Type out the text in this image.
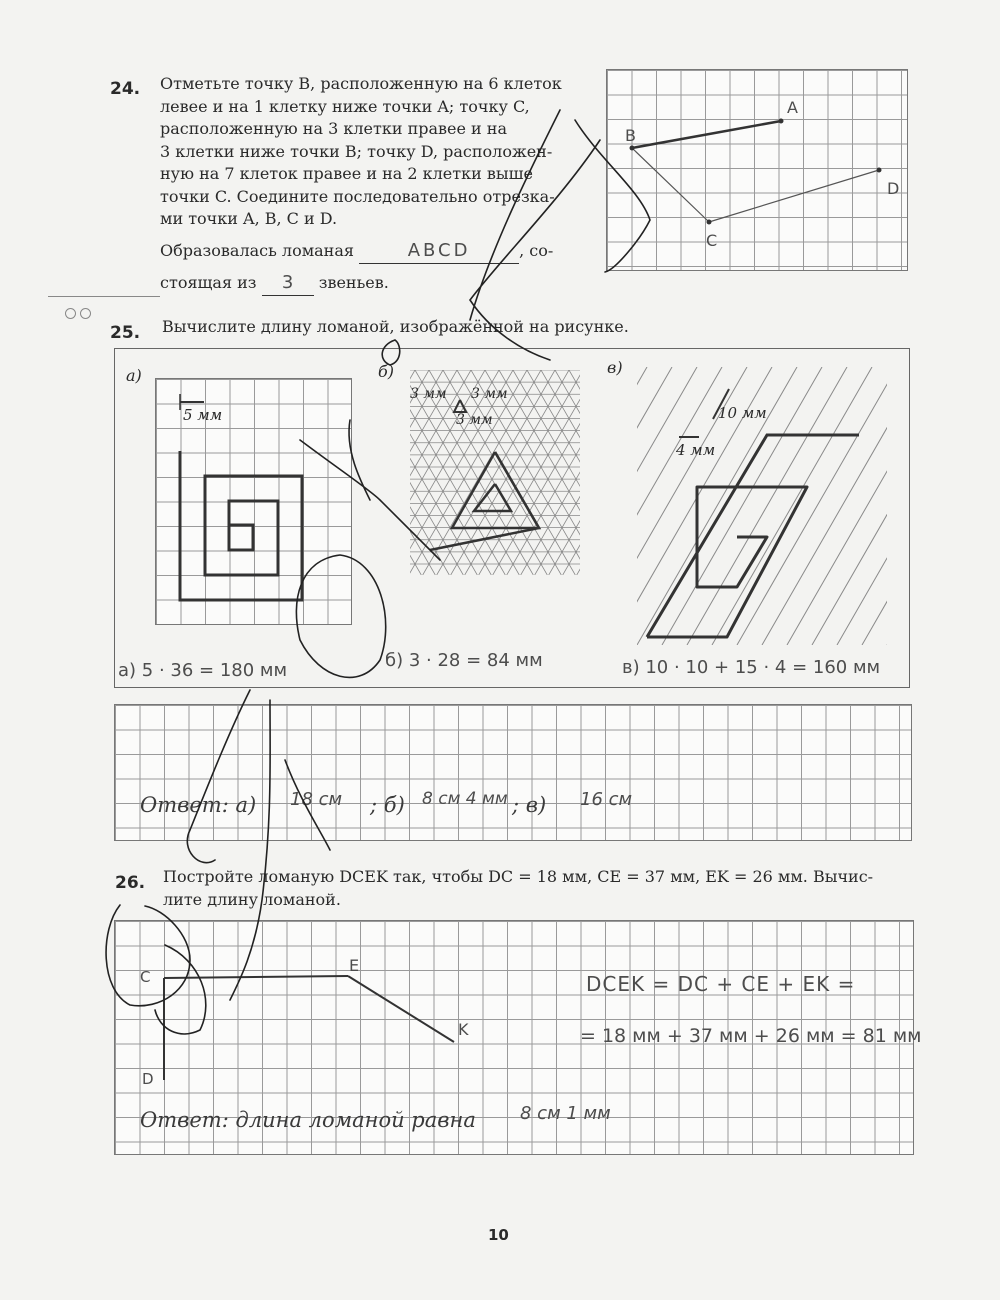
24. Отметьте точку B, расположенную на 6 клеток
левее и на 1 клетку ниже точки A; точку C,
расположенную на 3 клетки правее и на
3 клетки ниже точки B; точку D, расположен-
ную на 7 клеток правее и на 2 клетки выше
точки C. Соедините последовательно отрезка-
ми точки A, B, C и D.
Образовалась ломаная	ABCD	, со-
стоящая из 3 звеньев.
A
B
C
D
25. Вычислите длину ломаной, изображённой на рисунке.
а)
5 мм
б)
3 мм 3 мм
3 мм
в)
10 мм
4 мм
а) 5 · 36 = 180 мм	б) 3 · 28 = 84 мм	в) 10 · 10 + 15 · 4 = 160 мм
Ответ: а) 18 см ; б) 8 см 4 мм ; в) 16 см
26. Постройте ломаную DCEK так, чтобы DC = 18 мм, CE = 37 мм, EK = 26 мм. Вычис-
лите длину ломаной.
C
D
E
K
DCEK = DC + CE + EK =
= 18 мм + 37 мм + 26 мм = 81 мм
Ответ: длина ломаной равна 8 см 1 мм
10
